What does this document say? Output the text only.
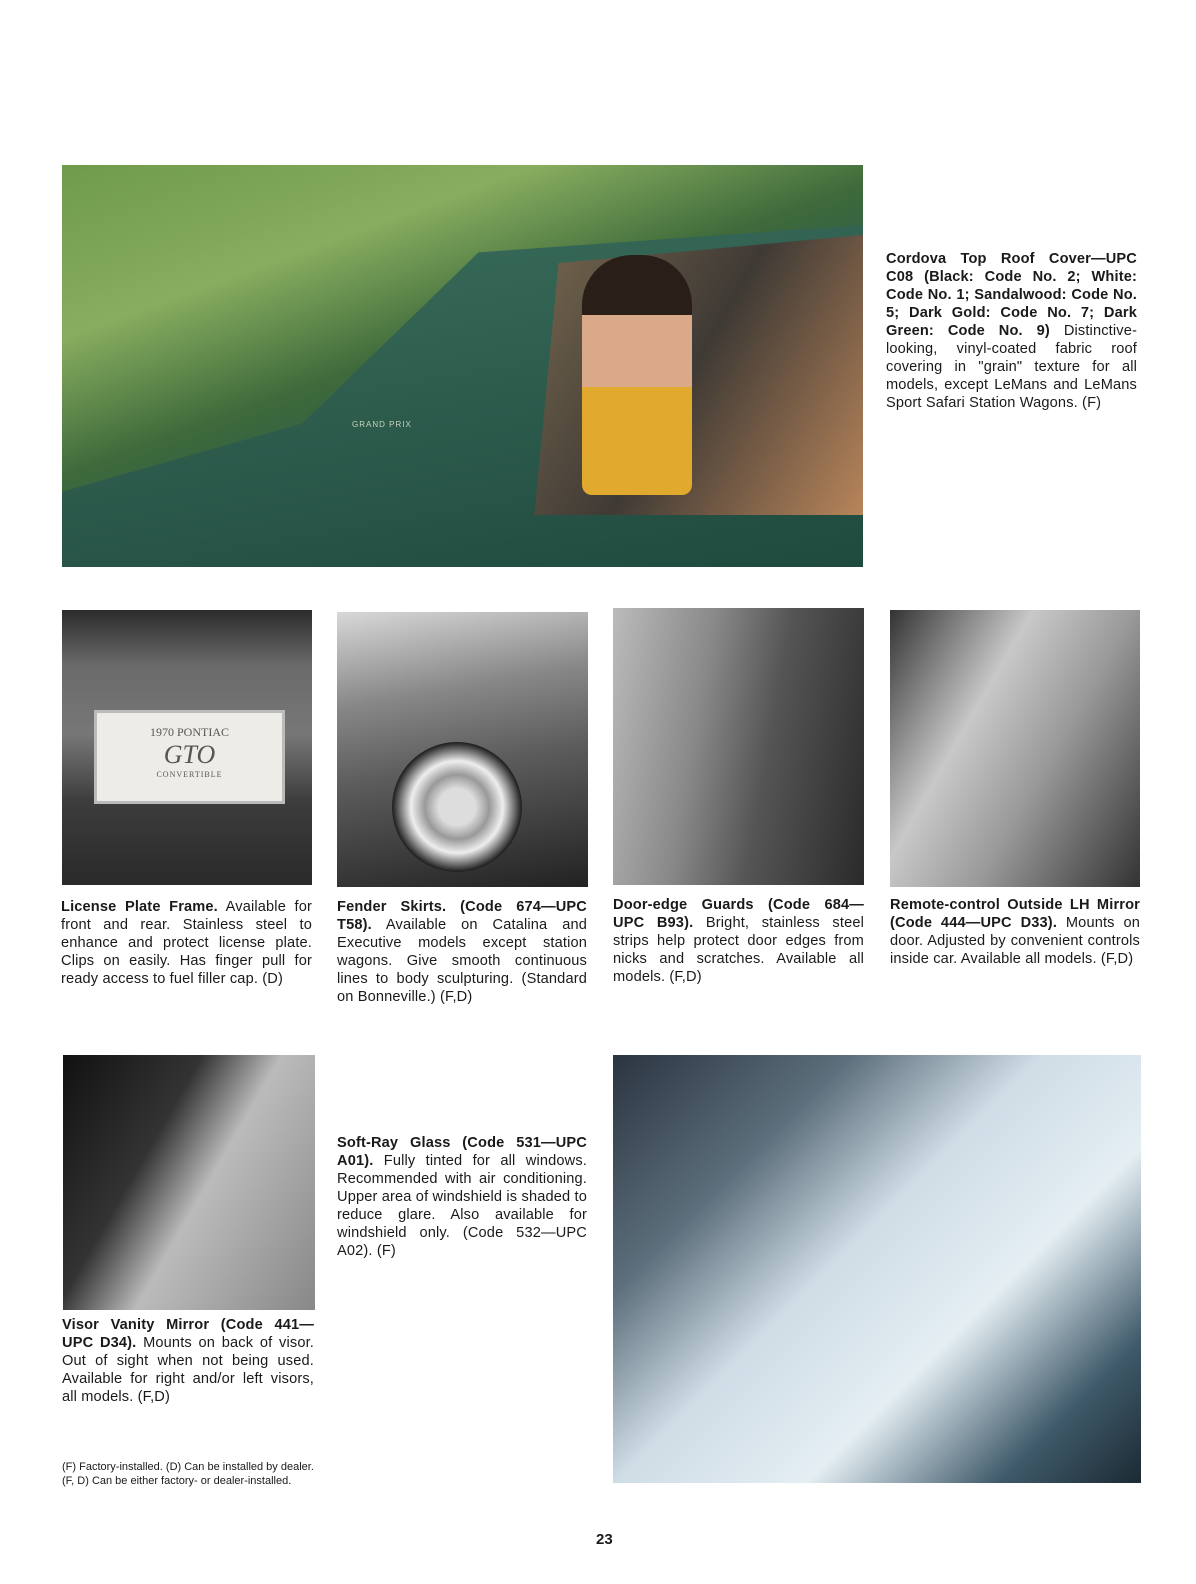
GRAND PRIX
Cordova Top Roof Cover—UPC C08 (Black: Code No. 2; White: Code No. 1; Sandalwood: Code No. 5; Dark Gold: Code No. 7; Dark Green: Code No. 9) Distinctive-looking, vinyl-coated fabric roof covering in "grain" texture for all models, except LeMans and LeMans Sport Safari Station Wagons. (F)
1970 PONTIAC
GTO
CONVERTIBLE
License Plate Frame. Available for front and rear. Stainless steel to enhance and protect license plate. Clips on easily. Has finger pull for ready access to fuel filler cap. (D)
Fender Skirts. (Code 674—UPC T58). Available on Catalina and Executive models except station wagons. Give smooth continuous lines to body sculpturing. (Standard on Bonneville.) (F,D)
Door-edge Guards (Code 684—UPC B93). Bright, stainless steel strips help protect door edges from nicks and scratches. Available all models. (F,D)
Remote-control Outside LH Mirror (Code 444—UPC D33). Mounts on door. Adjusted by convenient controls inside car. Available all models. (F,D)
Visor Vanity Mirror (Code 441—UPC D34). Mounts on back of visor. Out of sight when not being used. Available for right and/or left visors, all models. (F,D)
Soft-Ray Glass (Code 531—UPC A01). Fully tinted for all windows. Recommended with air conditioning. Upper area of windshield is shaded to reduce glare. Also available for windshield only. (Code 532—UPC A02). (F)
(F) Factory-installed. (D) Can be installed by dealer.
(F, D) Can be either factory- or dealer-installed.
23
